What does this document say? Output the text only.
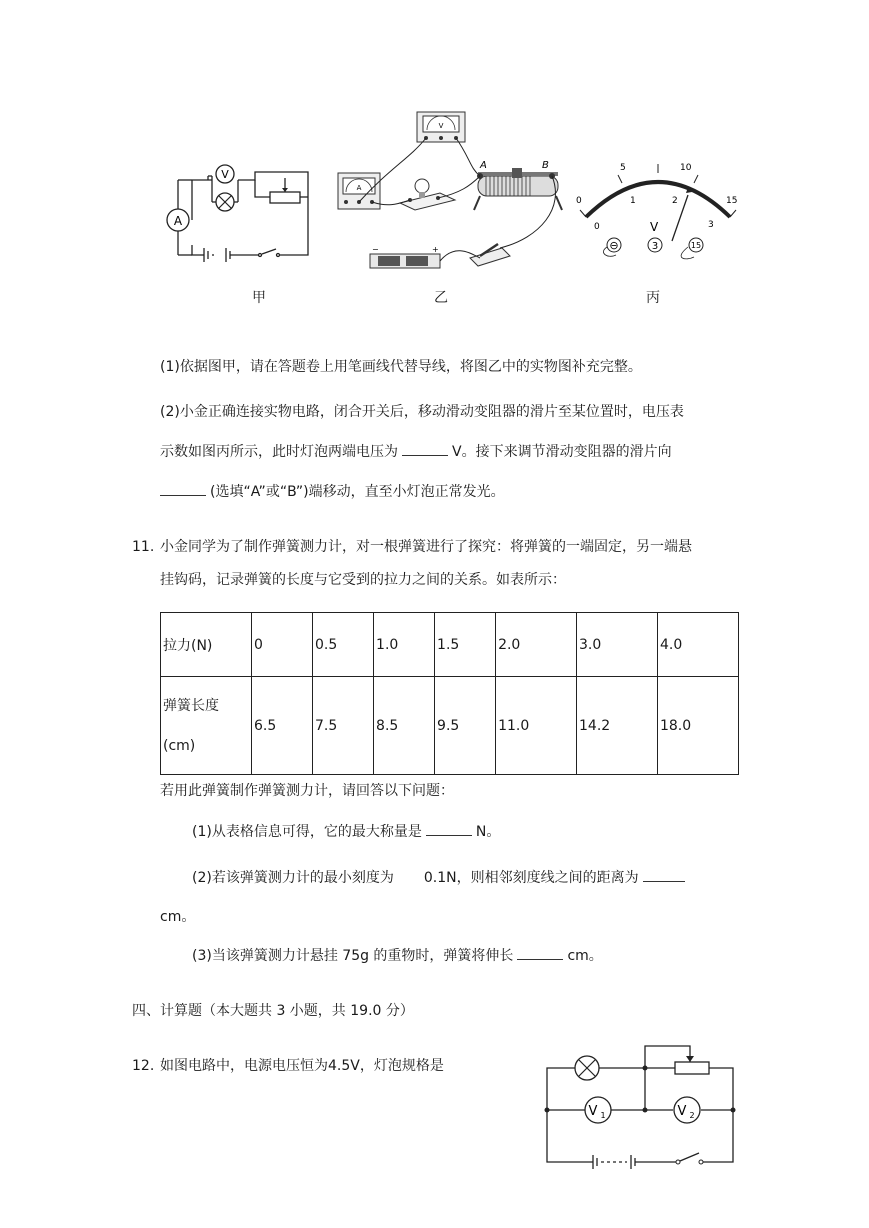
A
V
V
A
A	B
−	+
0
5	10
15
0
1	2
3
V
⊖	3	15
甲	乙	丙
(1)依据图甲，请在答题卷上用笔画线代替导线，将图乙中的实物图补充完整。
(2)小金正确连接实物电路，闭合开关后，移动滑动变阻器的滑片至某位置时，电压表
示数如图丙所示，此时灯泡两端电压为	V。接下来调节滑动变阻器的滑片向
(选填“A”或“B”)端移动，直至小灯泡正常发光。
11. 小金同学为了制作弹簧测力计，对一根弹簧进行了探究：将弹簧的一端固定，另一端悬
挂钩码，记录弹簧的长度与它受到的拉力之间的关系。如表所示：
拉力(N)	0	0.5	1.0	1.5	2.0	3.0	4.0

弹簧长度
(cm)	6.5	7.5	8.5	9.5	11.0	14.2	18.0
若用此弹簧制作弹簧测力计，请回答以下问题：
(1)从表格信息可得，它的最大称量是	N。
(2)若该弹簧测力计的最小刻度为 0.1N，则相邻刻度线之间的距离为
cm。
(3)当该弹簧测力计悬挂 75g 的重物时，弹簧将伸长	cm。
四、计算题（本大题共 3 小题，共 19.0 分）
12. 如图电路中，电源电压恒为4.5V，灯泡规格是
V 1	V 2
